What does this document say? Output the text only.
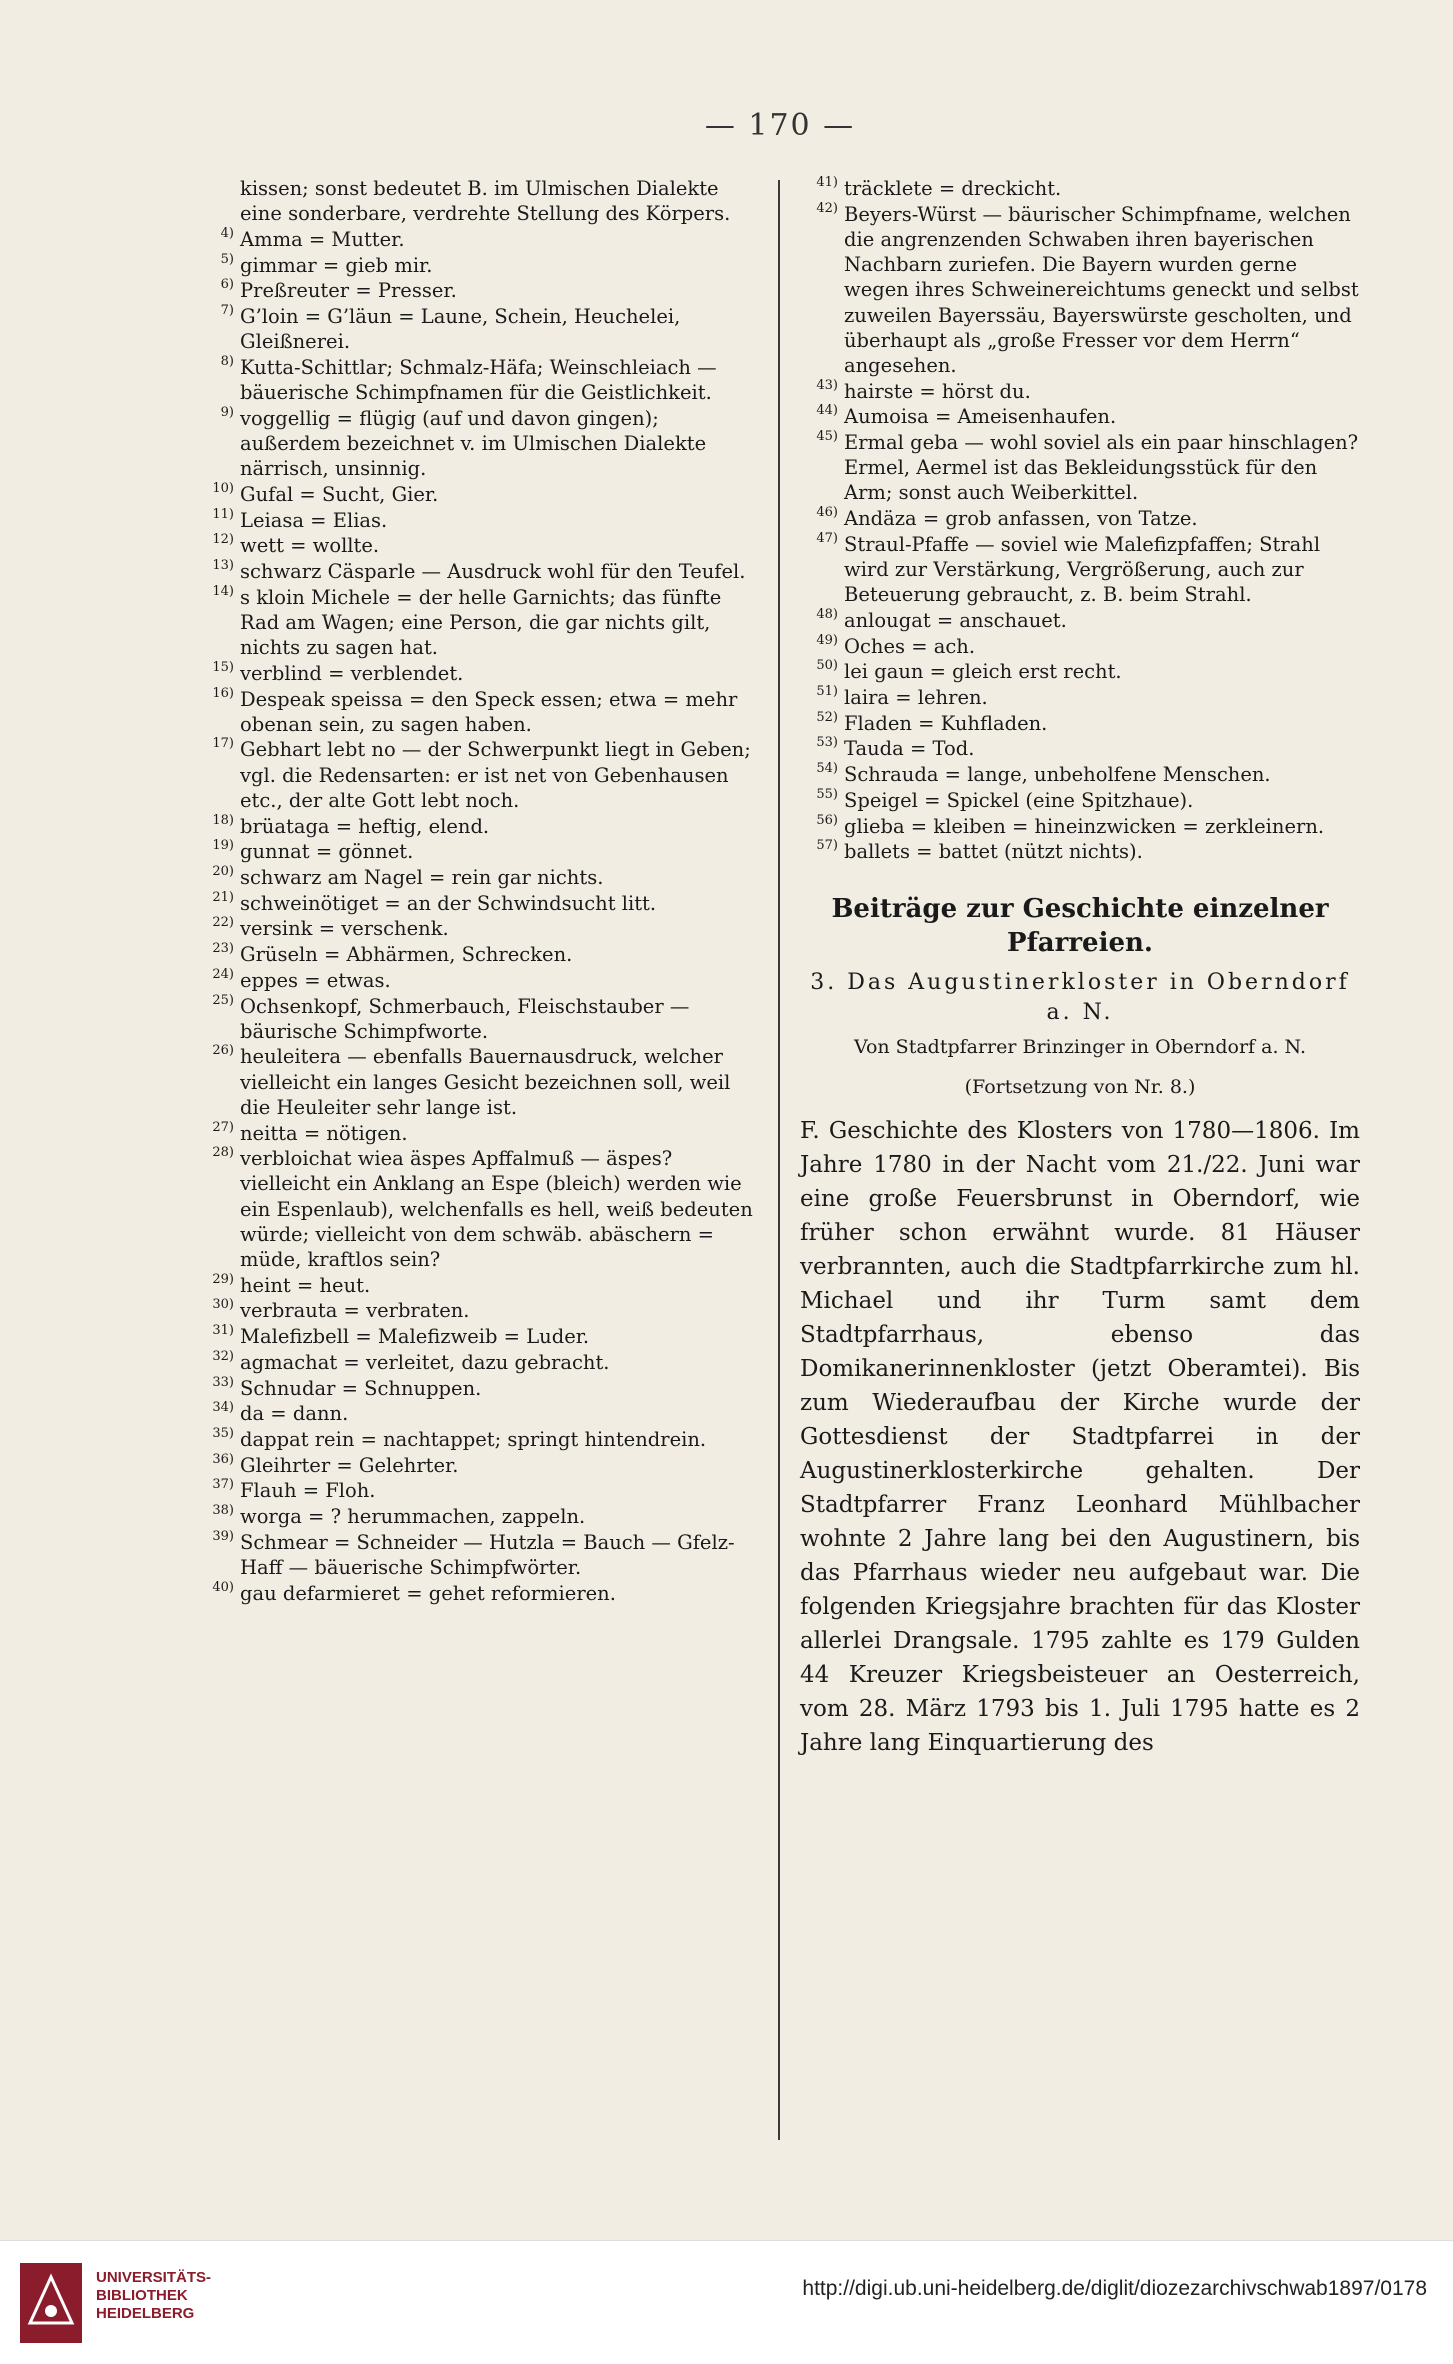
— 170 —
kissen; sonst bedeutet B. im Ulmischen Dialekte eine sonderbare, verdrehte Stellung des Körpers.
4) Amma = Mutter.
5) gimmar = gieb mir.
6) Preßreuter = Presser.
7) G’loin = G’läun = Laune, Schein, Heuchelei, Gleißnerei.
8) Kutta-Schittlar; Schmalz-Häfa; Weinschleiach — bäuerische Schimpfnamen für die Geistlichkeit.
9) voggellig = flügig (auf und davon gingen); außerdem bezeichnet v. im Ulmischen Dialekte närrisch, unsinnig.
10) Gufal = Sucht, Gier.
11) Leiasa = Elias.
12) wett = wollte.
13) schwarz Cäsparle — Ausdruck wohl für den Teufel.
14) s kloin Michele = der helle Garnichts; das fünfte Rad am Wagen; eine Person, die gar nichts gilt, nichts zu sagen hat.
15) verblind = verblendet.
16) Despeak speissa = den Speck essen; etwa = mehr obenan sein, zu sagen haben.
17) Gebhart lebt no — der Schwerpunkt liegt in Geben; vgl. die Redensarten: er ist net von Gebenhausen etc., der alte Gott lebt noch.
18) brüataga = heftig, elend.
19) gunnat = gönnet.
20) schwarz am Nagel = rein gar nichts.
21) schweinötiget = an der Schwindsucht litt.
22) versink = verschenk.
23) Grüseln = Abhärmen, Schrecken.
24) eppes = etwas.
25) Ochsenkopf, Schmerbauch, Fleischstauber — bäurische Schimpfworte.
26) heuleitera — ebenfalls Bauernausdruck, welcher vielleicht ein langes Gesicht bezeichnen soll, weil die Heuleiter sehr lange ist.
27) neitta = nötigen.
28) verbloichat wiea äspes Apffalmuß — äspes? vielleicht ein Anklang an Espe (bleich) werden wie ein Espenlaub), welchenfalls es hell, weiß bedeuten würde; vielleicht von dem schwäb. abäschern = müde, kraftlos sein?
29) heint = heut.
30) verbrauta = verbraten.
31) Malefizbell = Malefizweib = Luder.
32) agmachat = verleitet, dazu gebracht.
33) Schnudar = Schnuppen.
34) da = dann.
35) dappat rein = nachtappet; springt hintendrein.
36) Gleihrter = Gelehrter.
37) Flauh = Floh.
38) worga = ? herummachen, zappeln.
39) Schmear = Schneider — Hutzla = Bauch — Gfelz-Haff — bäuerische Schimpfwörter.
40) gau defarmieret = gehet reformieren.
41) träcklete = dreckicht.
42) Beyers-Würst — bäurischer Schimpfname, welchen die angrenzenden Schwaben ihren bayerischen Nachbarn zuriefen. Die Bayern wurden gerne wegen ihres Schweinereichtums geneckt und selbst zuweilen Bayerssäu, Bayerswürste gescholten, und überhaupt als „große Fresser vor dem Herrn“ angesehen.
43) hairste = hörst du.
44) Aumoisa = Ameisenhaufen.
45) Ermal geba — wohl soviel als ein paar hinschlagen? Ermel, Aermel ist das Bekleidungsstück für den Arm; sonst auch Weiberkittel.
46) Andäza = grob anfassen, von Tatze.
47) Straul-Pfaffe — soviel wie Malefizpfaffen; Strahl wird zur Verstärkung, Vergrößerung, auch zur Beteuerung gebraucht, z. B. beim Strahl.
48) anlougat = anschauet.
49) Oches = ach.
50) lei gaun = gleich erst recht.
51) laira = lehren.
52) Fladen = Kuhfladen.
53) Tauda = Tod.
54) Schrauda = lange, unbeholfene Menschen.
55) Speigel = Spickel (eine Spitzhaue).
56) glieba = kleiben = hineinzwicken = zerkleinern.
57) ballets = battet (nützt nichts).
Beiträge zur Geschichte einzelner Pfarreien.
3. Das Augustinerkloster in Oberndorf a. N.
Von Stadtpfarrer Brinzinger in Oberndorf a. N.
(Fortsetzung von Nr. 8.)

F. Geschichte des Klosters von 1780—1806. Im Jahre 1780 in der Nacht vom 21./22. Juni war eine große Feuersbrunst in Oberndorf, wie früher schon erwähnt wurde. 81 Häuser verbrannten, auch die Stadtpfarrkirche zum hl. Michael und ihr Turm samt dem Stadtpfarrhaus, ebenso das Domikanerinnenkloster (jetzt Oberamtei). Bis zum Wiederaufbau der Kirche wurde der Gottesdienst der Stadtpfarrei in der Augustinerklosterkirche gehalten. Der Stadtpfarrer Franz Leonhard Mühlbacher wohnte 2 Jahre lang bei den Augustinern, bis das Pfarrhaus wieder neu aufgebaut war. Die folgenden Kriegsjahre brachten für das Kloster allerlei Drangsale. 1795 zahlte es 179 Gulden 44 Kreuzer Kriegsbeisteuer an Oesterreich, vom 28. März 1793 bis 1. Juli 1795 hatte es 2 Jahre lang Einquartierung des

UNIVERSITÄTS-
BIBLIOTHEK
HEIDELBERG
http://digi.ub.uni-heidelberg.de/diglit/diozezarchivschwab1897/0178
